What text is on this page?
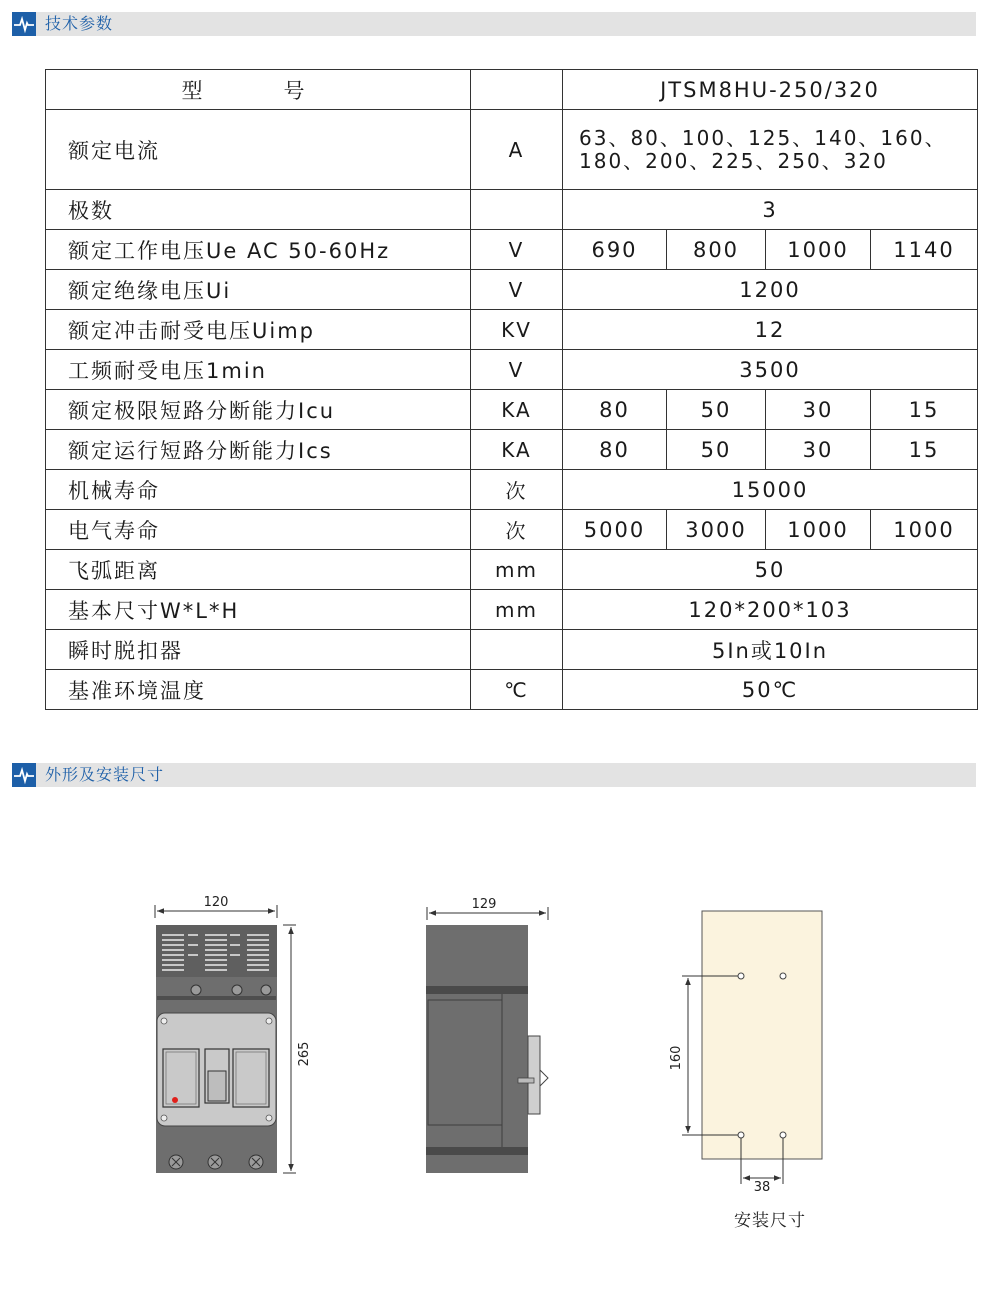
技术参数
型　号		JTSM8HU-250/320			
额定电流	A	63、80、100、125、140、160、
180、200、225、250、320			

极数		3			
额定工作电压Ue AC 50-60Hz	V	690	800	1000	1140
额定绝缘电压Ui	V	1200			
额定冲击耐受电压Uimp	KV	12			
工频耐受电压1min	V	3500			
额定极限短路分断能力Icu	KA	80	50	30	15
额定运行短路分断能力Ics	KA	80	50	30	15
机械寿命	次	15000			
电气寿命	次	5000	3000	1000	1000
飞弧距离	mm	50			
基本尺寸W*L*H	mm	120*200*103			
瞬时脱扣器		5In或10In			
基准环境温度	℃	50℃			
外形及安装尺寸
120
265
129
160
38
安装尺寸
